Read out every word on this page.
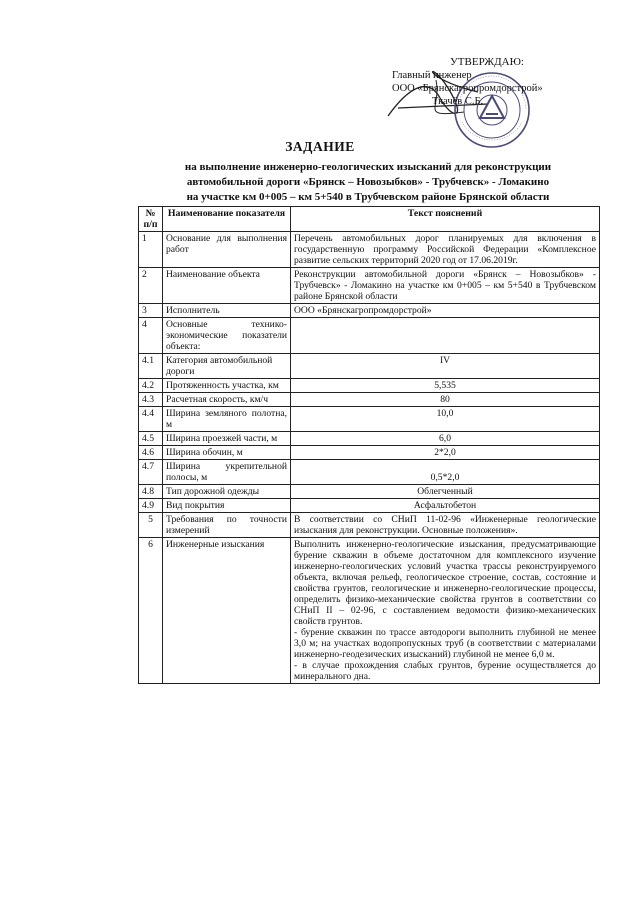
УТВЕРЖДАЮ:
Главный инженер
ООО «Брянскагропромдорстрой»
Ткачёв С.Б.
ЗАДАНИЕ
на выполнение инженерно-геологических изысканий для реконструкции
автомобильной дороги «Брянск – Новозыбков» - Трубчевск» - Ломакино
на участке км 0+005 – км 5+540 в Трубчевском районе Брянской области
№ п/п	Наименование показателя	Текст пояснений
1	Основание для выполнения работ	Перечень автомобильных дорог планируемых для включения в государственную программу Российской Федерации «Комплексное развитие сельских территорий 2020 год от 17.06.2019г.
2	Наименование объекта	Реконструкции автомобильной дороги «Брянск – Новозыбков» - Трубчевск» - Ломакино на участке км 0+005 – км 5+540 в Трубчевском районе Брянской области
3	Исполнитель	ООО «Брянскагропромдорстрой»
4	Основные технико-экономические показатели объекта:	
4.1	Категория автомобильной дороги	IV
4.2	Протяженность участка, км	5,535
4.3	Расчетная скорость, км/ч	80
4.4	Ширина земляного полотна, м	10,0
4.5	Ширина проезжей части, м	6,0
4.6	Ширина обочин, м	2*2,0
4.7	Ширина укрепительной полосы, м	0,5*2,0
4.8	Тип дорожной одежды	Облегченный
4.9	Вид покрытия	Асфальтобетон
5	Требования по точности измерений	В соответствии со СНиП 11-02-96 «Инженерные геологические изыскания для реконструкции. Основные положения».
6	Инженерные изыскания	Выполнить инженерно-геологические изыскания, предусматривающие бурение скважин в объеме достаточном для комплексного изучение инженерно-геологических условий участка трассы реконструируемого объекта, включая рельеф, геологическое строение, состав, состояние и свойства грунтов, геологические и инженерно-геологические процессы, определить физико-механические свойства грунтов в соответствии со СНиП II – 02-96, с составлением ведомости физико-механических свойств грунтов.
- бурение скважин по трассе автодороги выполнить глубиной не менее 3,0 м; на участках водопропускных труб (в соответствии с материалами инженерно-геодезических изысканий) глубиной не менее 6,0 м.
- в случае прохождения слабых грунтов, бурение осуществляется до минерального дна.
